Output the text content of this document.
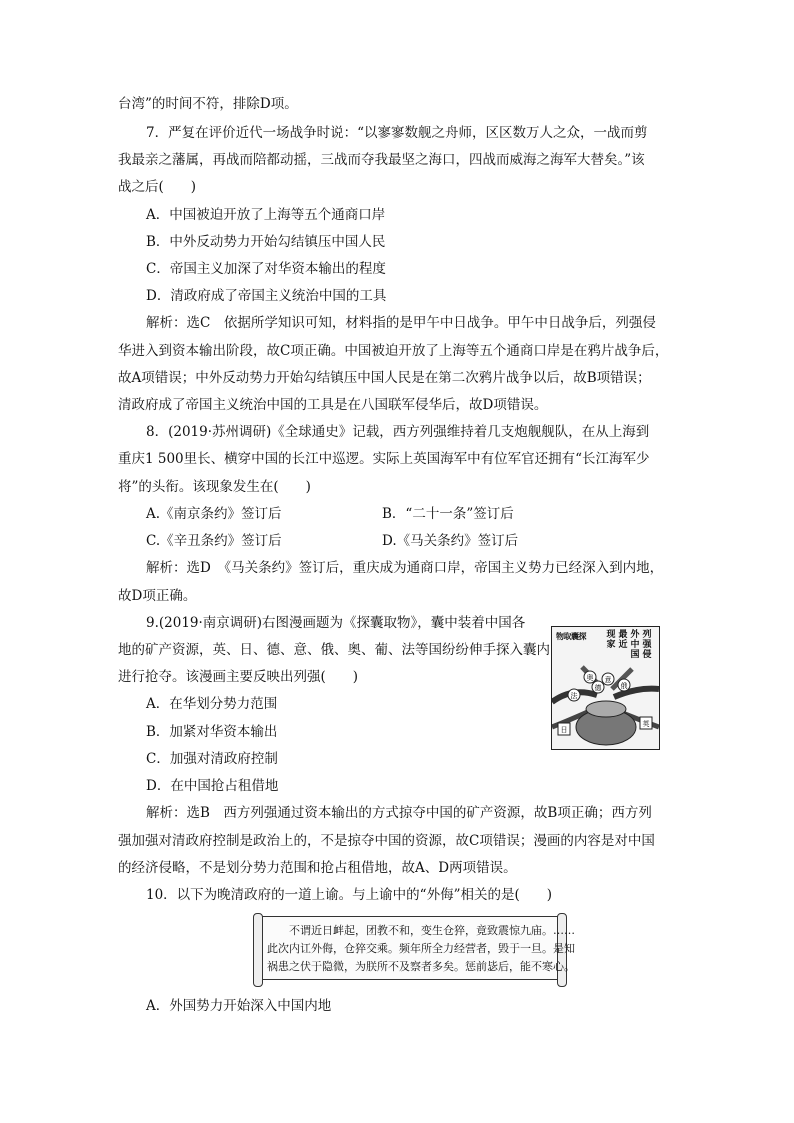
台湾”的时间不符，排除D项。
7．严复在评价近代一场战争时说：“以寥寥数舰之舟师，区区数万人之众，一战而剪
我最亲之藩属，再战而陪都动摇，三战而夺我最坚之海口，四战而威海之海军大替矣。”该
战之后(　　)
A．中国被迫开放了上海等五个通商口岸
B．中外反动势力开始勾结镇压中国人民
C．帝国主义加深了对华资本输出的程度
D．清政府成了帝国主义统治中国的工具
解析：选C　依据所学知识可知，材料指的是甲午中日战争。甲午中日战争后，列强侵
华进入到资本输出阶段，故C项正确。中国被迫开放了上海等五个通商口岸是在鸦片战争后，
故A项错误；中外反动势力开始勾结镇压中国人民是在第二次鸦片战争以后，故B项错误；
清政府成了帝国主义统治中国的工具是在八国联军侵华后，故D项错误。
8．(2019·苏州调研)《全球通史》记载，西方列强维持着几支炮舰舰队，在从上海到
重庆1 500里长、横穿中国的长江中巡逻。实际上英国海军中有位军官还拥有“长江海军少
将”的头衔。该现象发生在(　　)
A.《南京条约》签订后	B．“二十一条”签订后
C.《辛丑条约》签订后	D.《马关条约》签订后
解析：选D　《马关条约》签订后，重庆成为通商口岸，帝国主义势力已经深入到内地，
故D项正确。
9.(2019·南京调研)右图漫画题为《探囊取物》，囊中装着中国各
地的矿产资源，英、日、德、意、俄、奥、葡、法等国纷纷伸手探入囊内
进行抢夺。该漫画主要反映出列强(　　)
A．在华划分势力范围
B．加紧对华资本输出
C．加强对清政府控制
D．在中国抢占租借地
解析：选B　西方列强通过资本输出的方式掠夺中国的矿产资源，故B项正确；西方列
强加强对清政府控制是政治上的，不是掠夺中国的资源，故C项错误；漫画的内容是对中国
的经济侵略，不是划分势力范围和抢占租借地，故A、D两项错误。
10．以下为晚清政府的一道上谕。与上谕中的“外侮”相关的是(　　)
物取囊探 现家
最近
外中国
列强侵
奥
德
法
意
俄
日
英
不谓近日衅起，团教不和，变生仓猝，竟致震惊九庙。……
此次内讧外侮，仓猝交乘。频年所全力经营者，毁于一旦。是知
祸患之伏于隐微，为朕所不及察者多矣。惩前毖后，能不寒心。
A．外国势力开始深入中国内地
